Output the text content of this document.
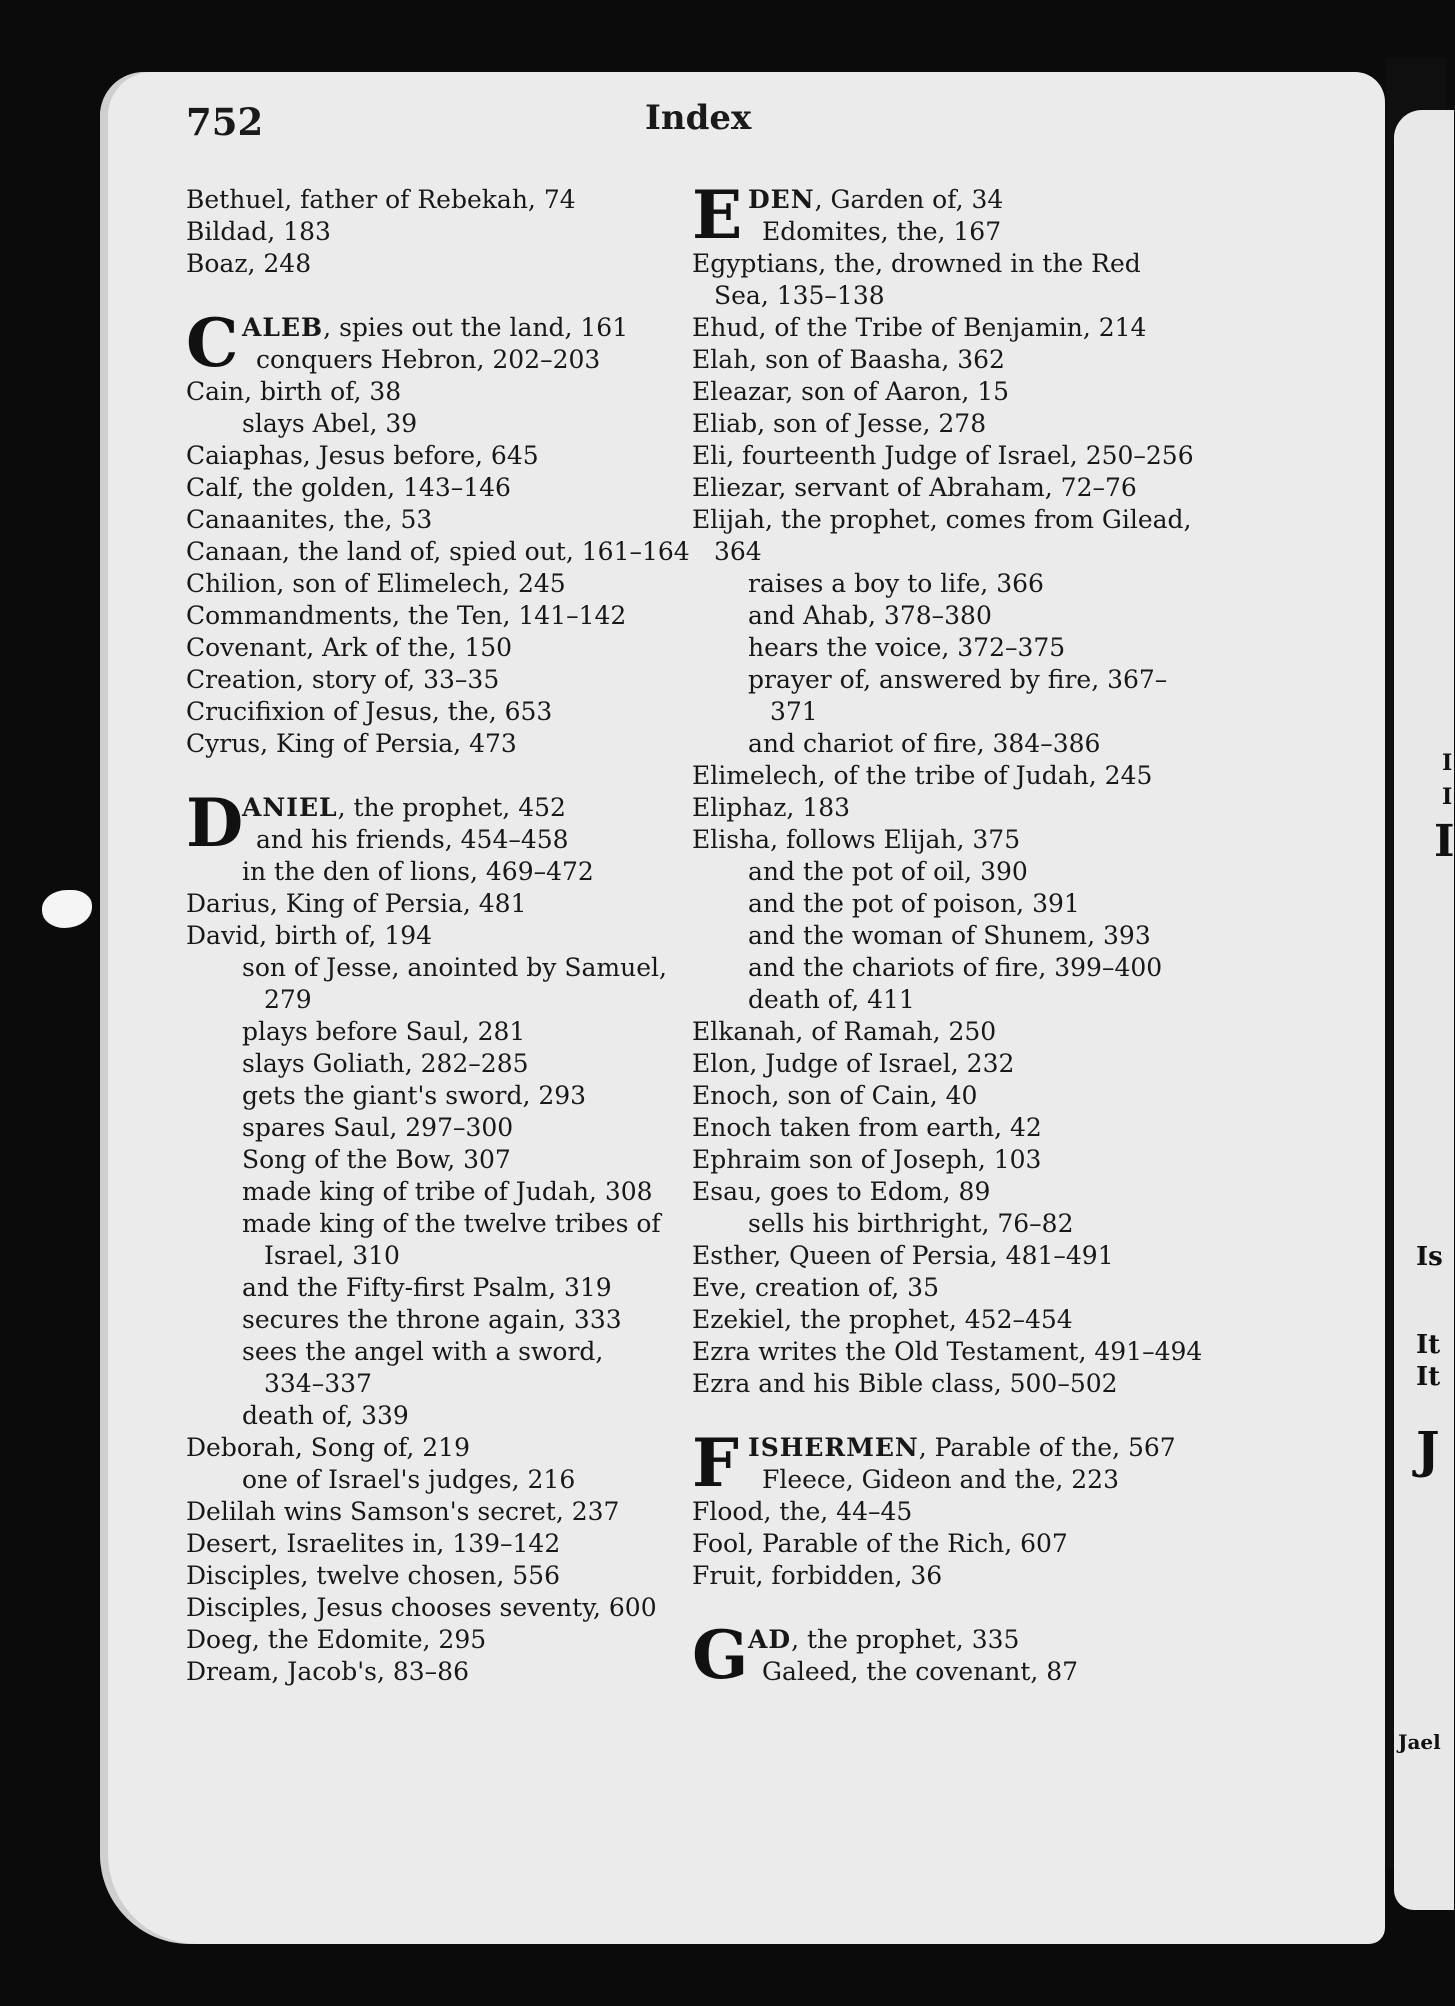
I
I
I
Is
It
It
J
Jael
752	Index
Bethuel, father of Rebekah, 74
Bildad, 183
Boaz, 248
C ALEB, spies out the land, 161
conquers Hebron, 202–203
Cain, birth of, 38
slays Abel, 39
Caiaphas, Jesus before, 645
Calf, the golden, 143–146
Canaanites, the, 53
Canaan, the land of, spied out, 161–164
Chilion, son of Elimelech, 245
Commandments, the Ten, 141–142
Covenant, Ark of the, 150
Creation, story of, 33–35
Crucifixion of Jesus, the, 653
Cyrus, King of Persia, 473
D
ANIEL, the prophet, 452
and his friends, 454–458
in the den of lions, 469–472
Darius, King of Persia, 481
David, birth of, 194
son of Jesse, anointed by Samuel,
279
plays before Saul, 281
slays Goliath, 282–285
gets the giant's sword, 293
spares Saul, 297–300
Song of the Bow, 307
made king of tribe of Judah, 308
made king of the twelve tribes of
Israel, 310
and the Fifty-first Psalm, 319
secures the throne again, 333
sees the angel with a sword,
334–337
death of, 339
Deborah, Song of, 219
one of Israel's judges, 216
Delilah wins Samson's secret, 237
Desert, Israelites in, 139–142
Disciples, twelve chosen, 556
Disciples, Jesus chooses seventy, 600
Doeg, the Edomite, 295
Dream, Jacob's, 83–86
E DEN, Garden of, 34
Edomites, the, 167
Egyptians, the, drowned in the Red
Sea, 135–138
Ehud, of the Tribe of Benjamin, 214
Elah, son of Baasha, 362
Eleazar, son of Aaron, 15
Eliab, son of Jesse, 278
Eli, fourteenth Judge of Israel, 250–256
Eliezar, servant of Abraham, 72–76
Elijah, the prophet, comes from Gilead,
364
raises a boy to life, 366
and Ahab, 378–380
hears the voice, 372–375
prayer of, answered by fire, 367–
371
and chariot of fire, 384–386
Elimelech, of the tribe of Judah, 245
Eliphaz, 183
Elisha, follows Elijah, 375
and the pot of oil, 390
and the pot of poison, 391
and the woman of Shunem, 393
and the chariots of fire, 399–400
death of, 411
Elkanah, of Ramah, 250
Elon, Judge of Israel, 232
Enoch, son of Cain, 40
Enoch taken from earth, 42
Ephraim son of Joseph, 103
Esau, goes to Edom, 89
sells his birthright, 76–82
Esther, Queen of Persia, 481–491
Eve, creation of, 35
Ezekiel, the prophet, 452–454
Ezra writes the Old Testament, 491–494
Ezra and his Bible class, 500–502
F ISHERMEN, Parable of the, 567
Fleece, Gideon and the, 223
Flood, the, 44–45
Fool, Parable of the Rich, 607
Fruit, forbidden, 36
G AD, the prophet, 335
Galeed, the covenant, 87
